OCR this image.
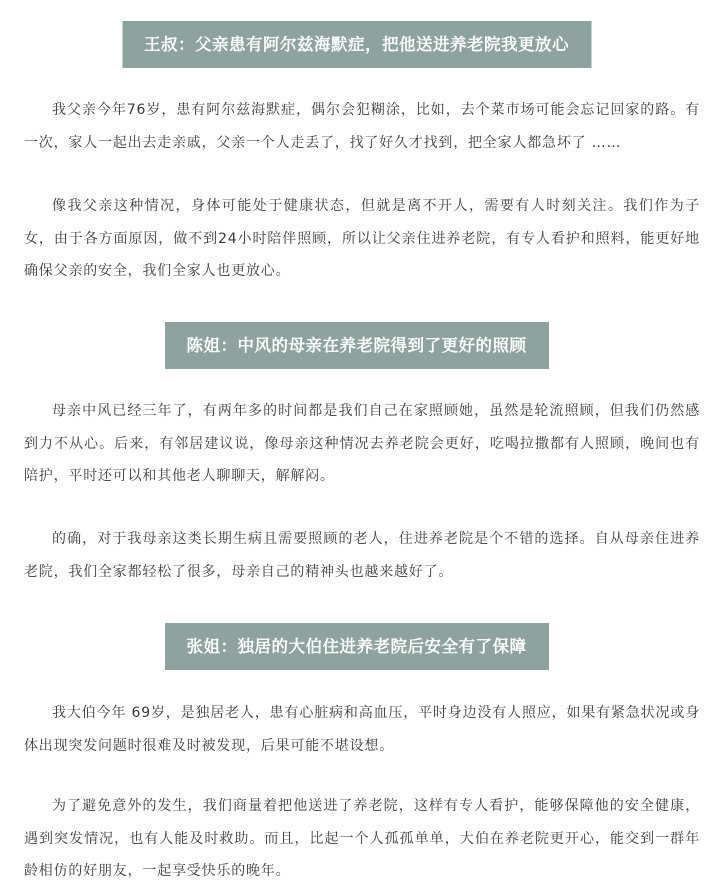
王叔：父亲患有阿尔兹海默症，把他送进养老院我更放心

我父亲今年76岁，患有阿尔兹海默症，偶尔会犯糊涂，比如，去个菜市场可能会忘记回家的路。有一次，家人一起出去走亲戚，父亲一个人走丢了，找了好久才找到，把全家人都急坏了 ……

像我父亲这种情况，身体可能处于健康状态，但就是离不开人，需要有人时刻关注。我们作为子女，由于各方面原因，做不到24小时陪伴照顾，所以让父亲住进养老院，有专人看护和照料，能更好地确保父亲的安全，我们全家人也更放心。

陈姐：中风的母亲在养老院得到了更好的照顾

母亲中风已经三年了，有两年多的时间都是我们自己在家照顾她，虽然是轮流照顾，但我们仍然感到力不从心。后来，有邻居建议说，像母亲这种情况去养老院会更好，吃喝拉撒都有人照顾，晚间也有陪护，平时还可以和其他老人聊聊天，解解闷。

的确，对于我母亲这类长期生病且需要照顾的老人，住进养老院是个不错的选择。自从母亲住进养老院，我们全家都轻松了很多，母亲自己的精神头也越来越好了。

张姐：独居的大伯住进养老院后安全有了保障

我大伯今年 69岁，是独居老人，患有心脏病和高血压，平时身边没有人照应，如果有紧急状况或身体出现突发问题时很难及时被发现，后果可能不堪设想。

为了避免意外的发生，我们商量着把他送进了养老院，这样有专人看护，能够保障他的安全健康，遇到突发情况，也有人能及时救助。而且，比起一个人孤孤单单，大伯在养老院更开心，能交到一群年龄相仿的好朋友，一起享受快乐的晚年。
